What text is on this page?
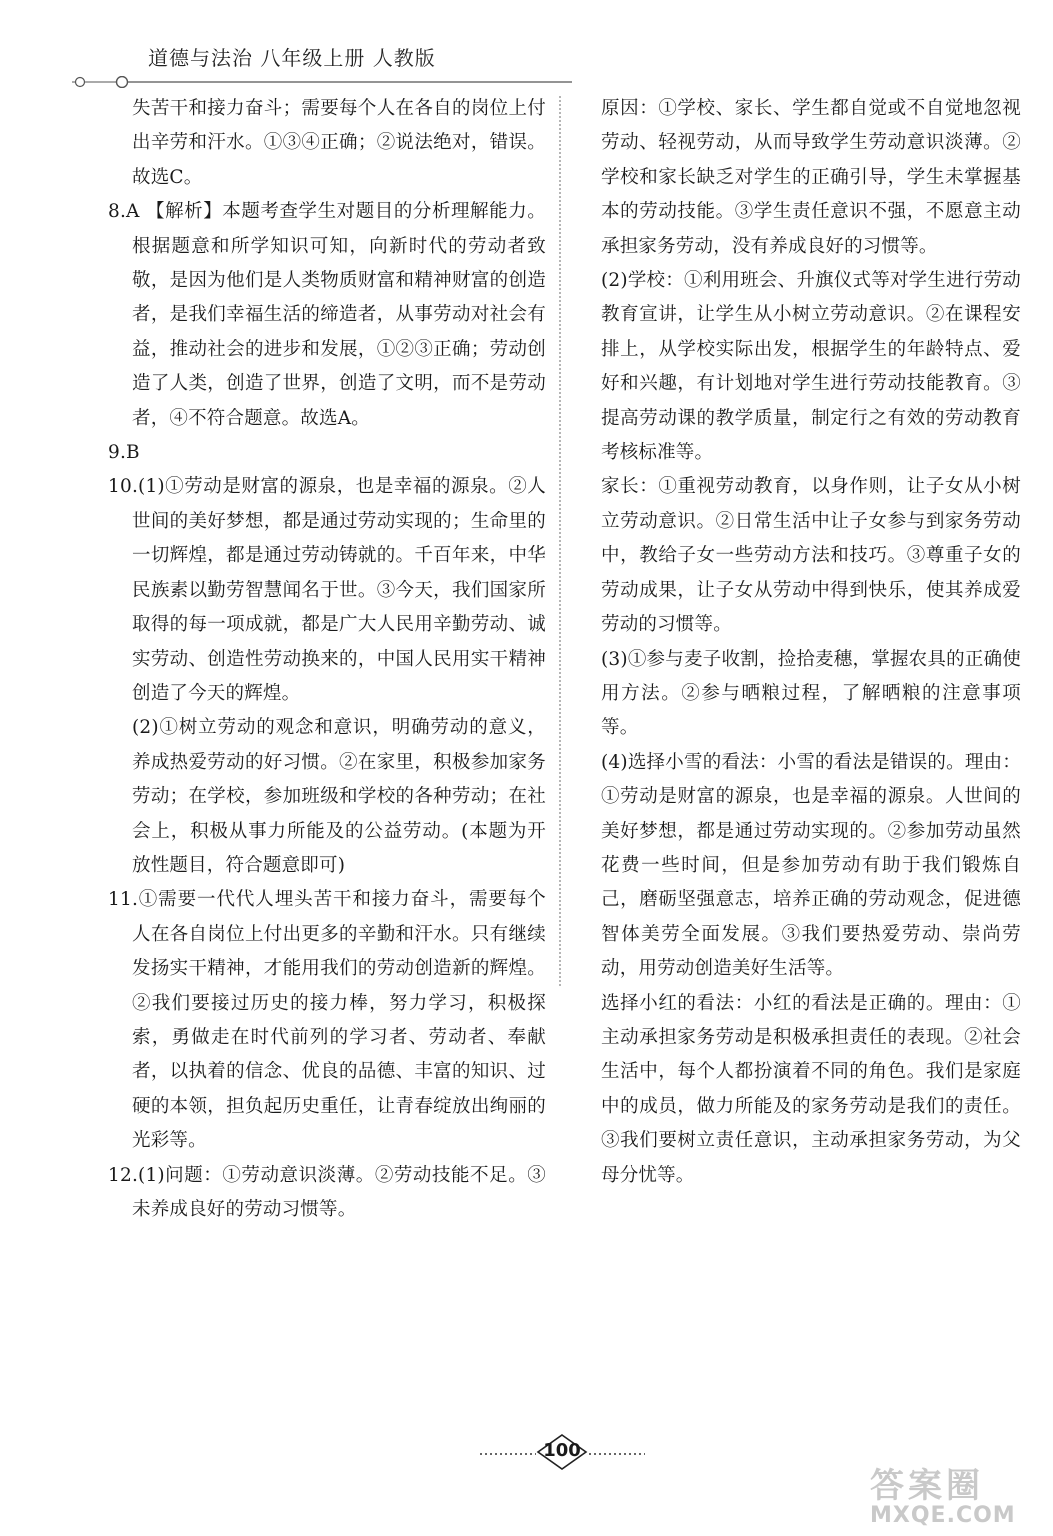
道德与法治 八年级上册 人教版

失苦干和接力奋斗；需要每个人在各自的岗位上付出辛劳和汗水。①③④正确；②说法绝对，错误。故选C。

8.A 【解析】本题考查学生对题目的分析理解能力。根据题意和所学知识可知，向新时代的劳动者致敬，是因为他们是人类物质财富和精神财富的创造者，是我们幸福生活的缔造者，从事劳动对社会有益，推动社会的进步和发展，①②③正确；劳动创造了人类，创造了世界，创造了文明，而不是劳动者，④不符合题意。故选A。

9.B

10.(1)①劳动是财富的源泉，也是幸福的源泉。②人世间的美好梦想，都是通过劳动实现的；生命里的一切辉煌，都是通过劳动铸就的。千百年来，中华民族素以勤劳智慧闻名于世。③今天，我们国家所取得的每一项成就，都是广大人民用辛勤劳动、诚实劳动、创造性劳动换来的，中国人民用实干精神创造了今天的辉煌。

(2)①树立劳动的观念和意识，明确劳动的意义，养成热爱劳动的好习惯。②在家里，积极参加家务劳动；在学校，参加班级和学校的各种劳动；在社会上，积极从事力所能及的公益劳动。(本题为开放性题目，符合题意即可)

11.①需要一代代人埋头苦干和接力奋斗，需要每个人在各自岗位上付出更多的辛勤和汗水。只有继续发扬实干精神，才能用我们的劳动创造新的辉煌。②我们要接过历史的接力棒，努力学习，积极探索，勇做走在时代前列的学习者、劳动者、奉献者，以执着的信念、优良的品德、丰富的知识、过硬的本领，担负起历史重任，让青春绽放出绚丽的光彩等。

12.(1)问题：①劳动意识淡薄。②劳动技能不足。③未养成良好的劳动习惯等。

原因：①学校、家长、学生都自觉或不自觉地忽视劳动、轻视劳动，从而导致学生劳动意识淡薄。②学校和家长缺乏对学生的正确引导，学生未掌握基本的劳动技能。③学生责任意识不强，不愿意主动承担家务劳动，没有养成良好的习惯等。

(2)学校：①利用班会、升旗仪式等对学生进行劳动教育宣讲，让学生从小树立劳动意识。②在课程安排上，从学校实际出发，根据学生的年龄特点、爱好和兴趣，有计划地对学生进行劳动技能教育。③提高劳动课的教学质量，制定行之有效的劳动教育考核标准等。

家长：①重视劳动教育，以身作则，让子女从小树立劳动意识。②日常生活中让子女参与到家务劳动中，教给子女一些劳动方法和技巧。③尊重子女的劳动成果，让子女从劳动中得到快乐，使其养成爱劳动的习惯等。

(3)①参与麦子收割，捡拾麦穗，掌握农具的正确使用方法。②参与晒粮过程，了解晒粮的注意事项等。

(4)选择小雪的看法：小雪的看法是错误的。理由：①劳动是财富的源泉，也是幸福的源泉。人世间的美好梦想，都是通过劳动实现的。②参加劳动虽然花费一些时间，但是参加劳动有助于我们锻炼自己，磨砺坚强意志，培养正确的劳动观念，促进德智体美劳全面发展。③我们要热爱劳动、崇尚劳动，用劳动创造美好生活等。

选择小红的看法：小红的看法是正确的。理由：①主动承担家务劳动是积极承担责任的表现。②社会生活中，每个人都扮演着不同的角色。我们是家庭中的成员，做力所能及的家务劳动是我们的责任。③我们要树立责任意识，主动承担家务劳动，为父母分忧等。

100
答案圈
MXQE.COM
